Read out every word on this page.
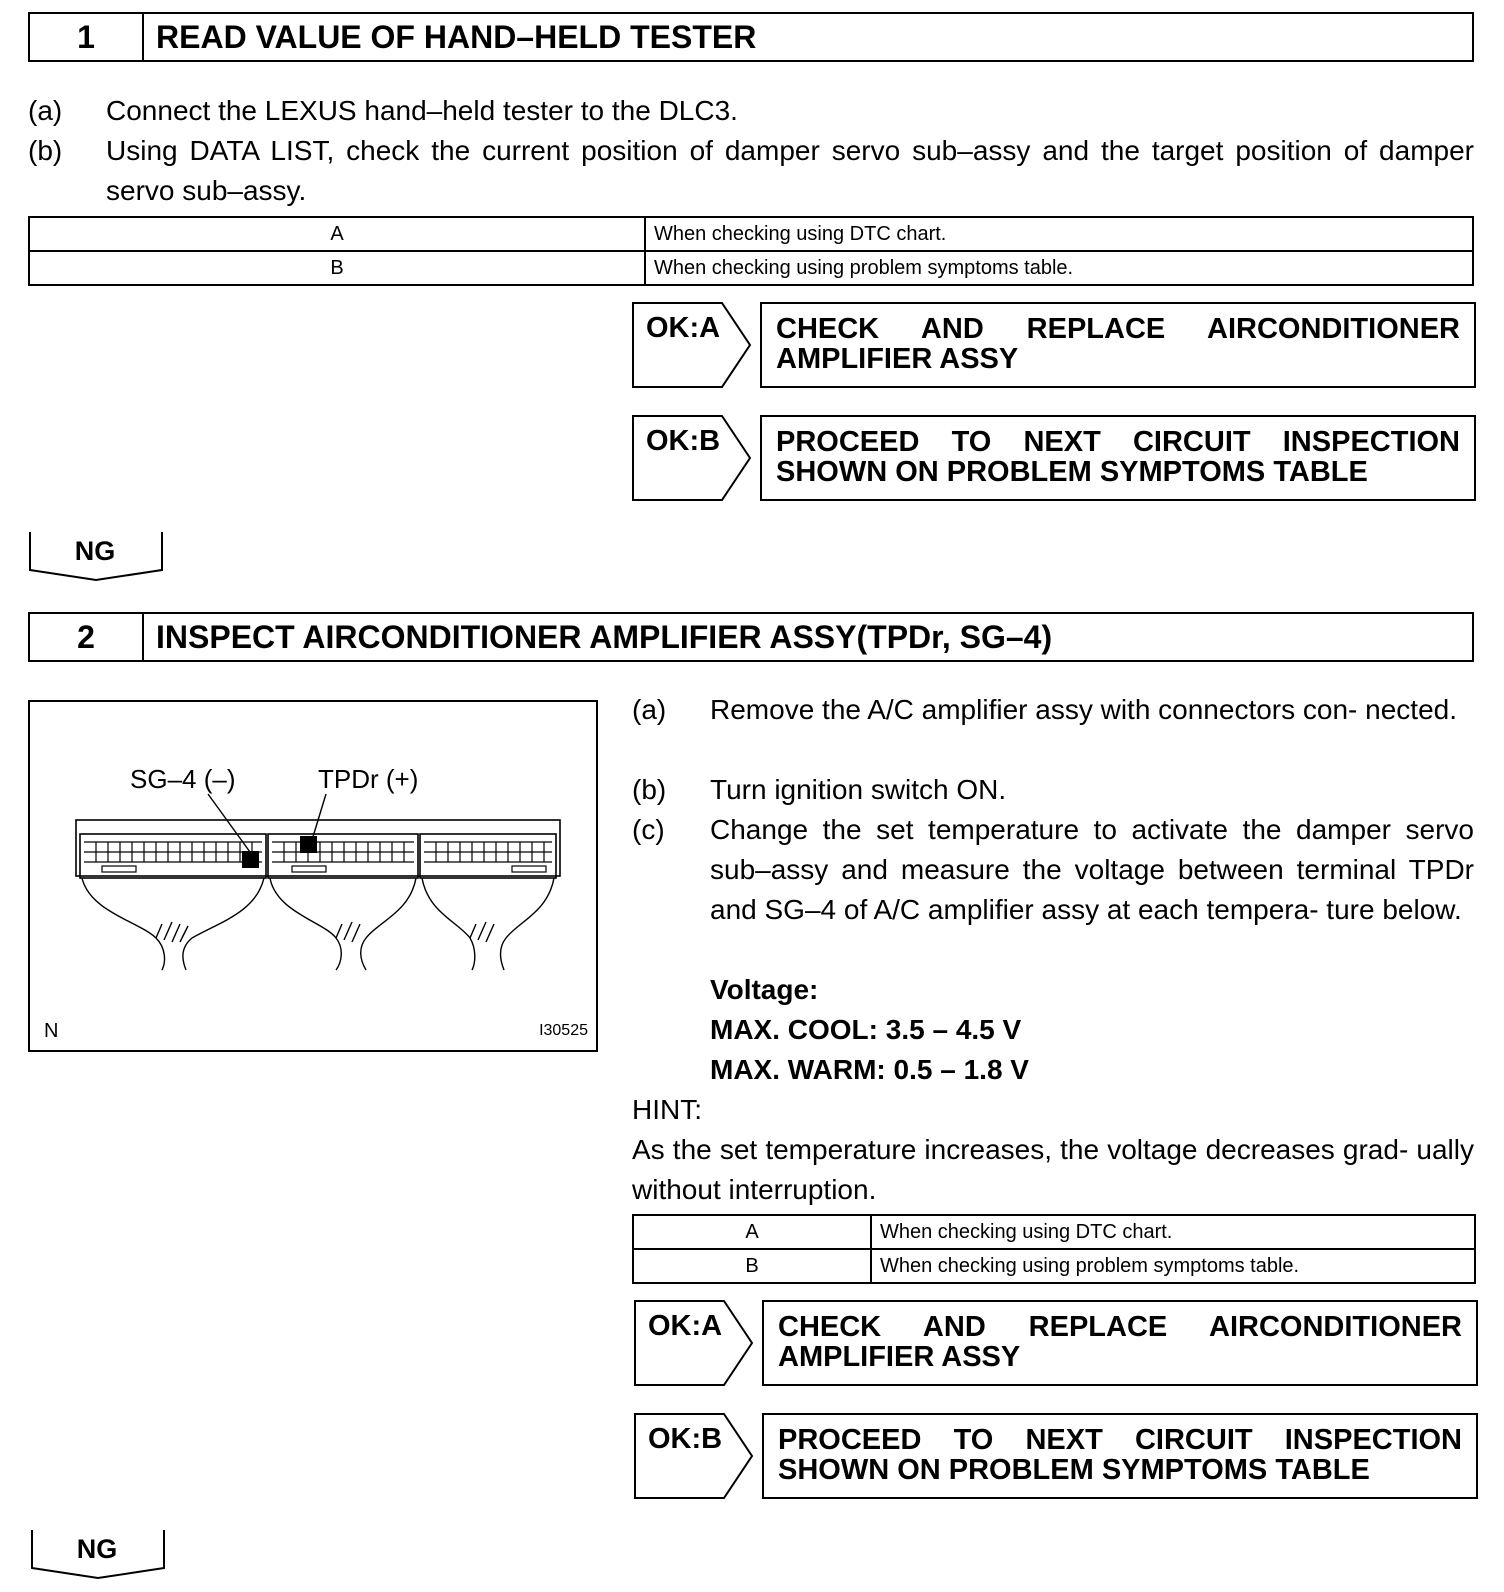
1	READ VALUE OF HAND–HELD TESTER
(a) Connect the LEXUS hand–held tester to the DLC3.
(b) Using DATA LIST, check the current position of damper servo sub–assy and the target position of damper servo sub–assy.
A	When checking using DTC chart.
B	When checking using problem symptoms table.
OK:A	CHECK AND REPLACE AIRCONDITIONER AMPLIFIER ASSY
OK:B	PROCEED TO NEXT CIRCUIT INSPECTION SHOWN ON PROBLEM SYMPTOMS TABLE
NG
2	INSPECT AIRCONDITIONER AMPLIFIER ASSY(TPDr, SG–4)
SG–4 (–)	TPDr (+)
N	I30525
(a) Remove the A/C amplifier assy with connectors con- nected.
(b) Turn ignition switch ON.
(c) Change the set temperature to activate the damper servo sub–assy and measure the voltage between terminal TPDr and SG–4 of A/C amplifier assy at each tempera- ture below.
Voltage:
MAX. COOL: 3.5 – 4.5 V
MAX. WARM: 0.5 – 1.8 V
HINT:
As the set temperature increases, the voltage decreases grad- ually without interruption.
A	When checking using DTC chart.
B	When checking using problem symptoms table.
OK:A	CHECK AND REPLACE AIRCONDITIONER AMPLIFIER ASSY
OK:B	PROCEED TO NEXT CIRCUIT INSPECTION SHOWN ON PROBLEM SYMPTOMS TABLE
NG
